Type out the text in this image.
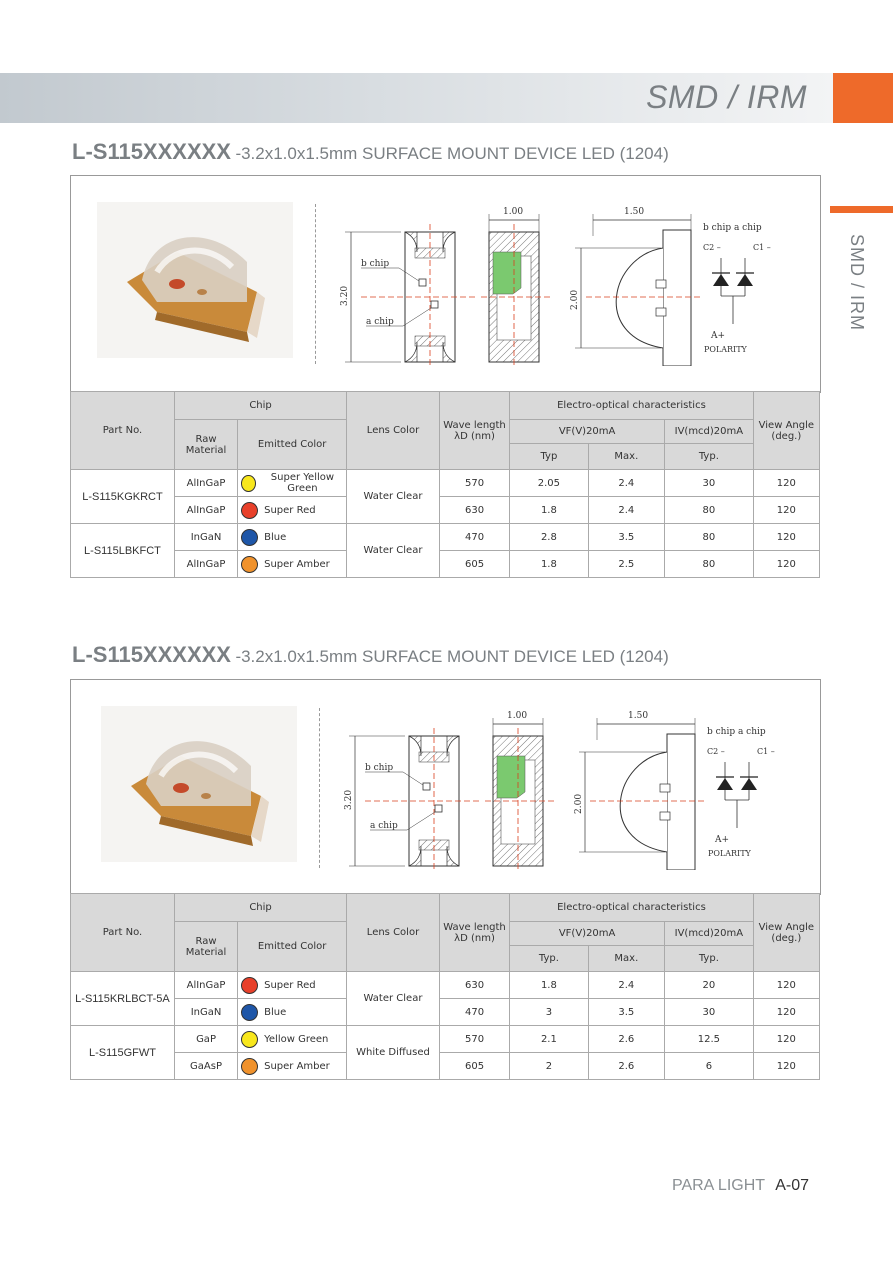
SMD / IRM
SMD / IRM
L-S115XXXXXX -3.2x1.0x1.5mm SURFACE MOUNT DEVICE LED (1204)
3.20
b chip
a chip
1.00	1.50
2.00
b chip a chip
C2 –	C1 –
A+
POLARITY
Part No.	Chip		Lens Color	Wave length λD (nm)	Electro-optical characteristics			View Angle (deg.)
	Raw Material	Emitted Color			VF(V)20mA		IV(mcd)20mA	
					Typ	Max.	Typ.	
L-S115KGKRCT	AlInGaP	Super Yellow Green	Water Clear	570	2.05	2.4	30	120
	AlInGaP	Super Red		630	1.8	2.4	80	120
L-S115LBKFCT	InGaN	Blue	Water Clear	470	2.8	3.5	80	120
	AlInGaP	Super Amber		605	1.8	2.5	80	120
L-S115XXXXXX -3.2x1.0x1.5mm SURFACE MOUNT DEVICE LED (1204)
3.20
b chip
a chip
1.00	1.50
2.00
b chip a chip
C2 –	C1 –
A+
POLARITY
Part No.	Chip		Lens Color	Wave length λD (nm)	Electro-optical characteristics			View Angle (deg.)
	Raw Material	Emitted Color			VF(V)20mA		IV(mcd)20mA	
					Typ.	Max.	Typ.	
L-S115KRLBCT-5A	AlInGaP	Super Red	Water Clear	630	1.8	2.4	20	120
	InGaN	Blue		470	3	3.5	30	120
L-S115GFWT	GaP	Yellow Green	White Diffused	570	2.1	2.6	12.5	120
	GaAsP	Super Amber		605	2	2.6	6	120
PARA LIGHT A-07
